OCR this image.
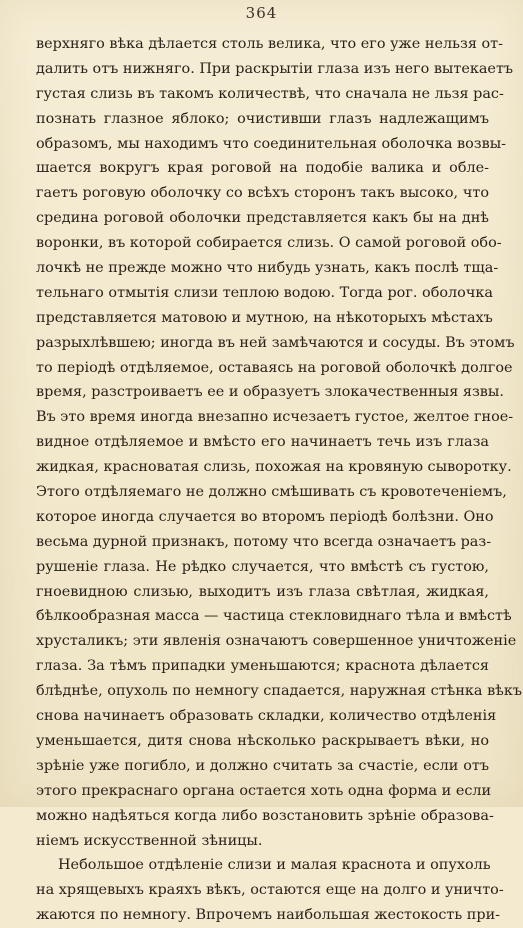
364
верхняго вѣка дѣлается столь велика, что его уже нельзя от-
далить отъ нижняго. При раскрытіи глаза изъ него вытекаетъ
густая слизь въ такомъ количествѣ, что сначала не льзя рас-
познать глазное яблоко; очистивши глазъ надлежащимъ
образомъ, мы находимъ что соединительная оболочка возвы-
шается вокругъ края роговой на подобіе валика и обле-
гаетъ роговую оболочку со всѣхъ сторонъ такъ высоко, что
средина роговой оболочки представляется какъ бы на днѣ
воронки, въ которой собирается слизь. О самой роговой обо-
лочкѣ не прежде можно что нибудь узнать, какъ послѣ тща-
тельнаго отмытія слизи теплою водою. Тогда рог. оболочка
представляется матовою и мутною, на нѣкоторыхъ мѣстахъ
разрыхлѣвшею; иногда въ ней замѣчаются и сосуды. Въ этомъ
то періодѣ отдѣляемое, оставаясь на роговой оболочкѣ долгое
время, разстроиваетъ ее и образуетъ злокачественныя язвы.
Въ это время иногда внезапно исчезаетъ густое, желтое гное-
видное отдѣляемое и вмѣсто его начинаетъ течь изъ глаза
жидкая, красноватая слизь, похожая на кровяную сыворотку.
Этого отдѣляемаго не должно смѣшивать съ кровотеченіемъ,
которое иногда случается во второмъ періодѣ болѣзни. Оно
весьма дурной признакъ, потому что всегда означаетъ раз-
рушеніе глаза. Не рѣдко случается, что вмѣстѣ съ густою,
гноевидною слизью, выходитъ изъ глаза свѣтлая, жидкая,
бѣлкообразная масса — частица стекловиднаго тѣла и вмѣстѣ
хрусталикъ; эти явленія означаютъ совершенное уничтоженіе
глаза. За тѣмъ припадки уменьшаются; краснота дѣлается
блѣднѣе, опухоль по немногу спадается, наружная стѣнка вѣкъ
снова начинаетъ образовать складки, количество отдѣленія
уменьшается, дитя снова нѣсколько раскрываетъ вѣки, но
зрѣніе уже погибло, и должно считать за счастіе, если отъ
этого прекраснаго органа остается хоть одна форма и если
можно надѣяться когда либо возстановить зрѣніе образова-
ніемъ искусственной зѣницы.
Небольшое отдѣленіе слизи и малая краснота и опухоль
на хрящевыхъ краяхъ вѣкъ, остаются еще на долго и уничто-
жаются по немногу. Впрочемъ наибольшая жестокость при-
